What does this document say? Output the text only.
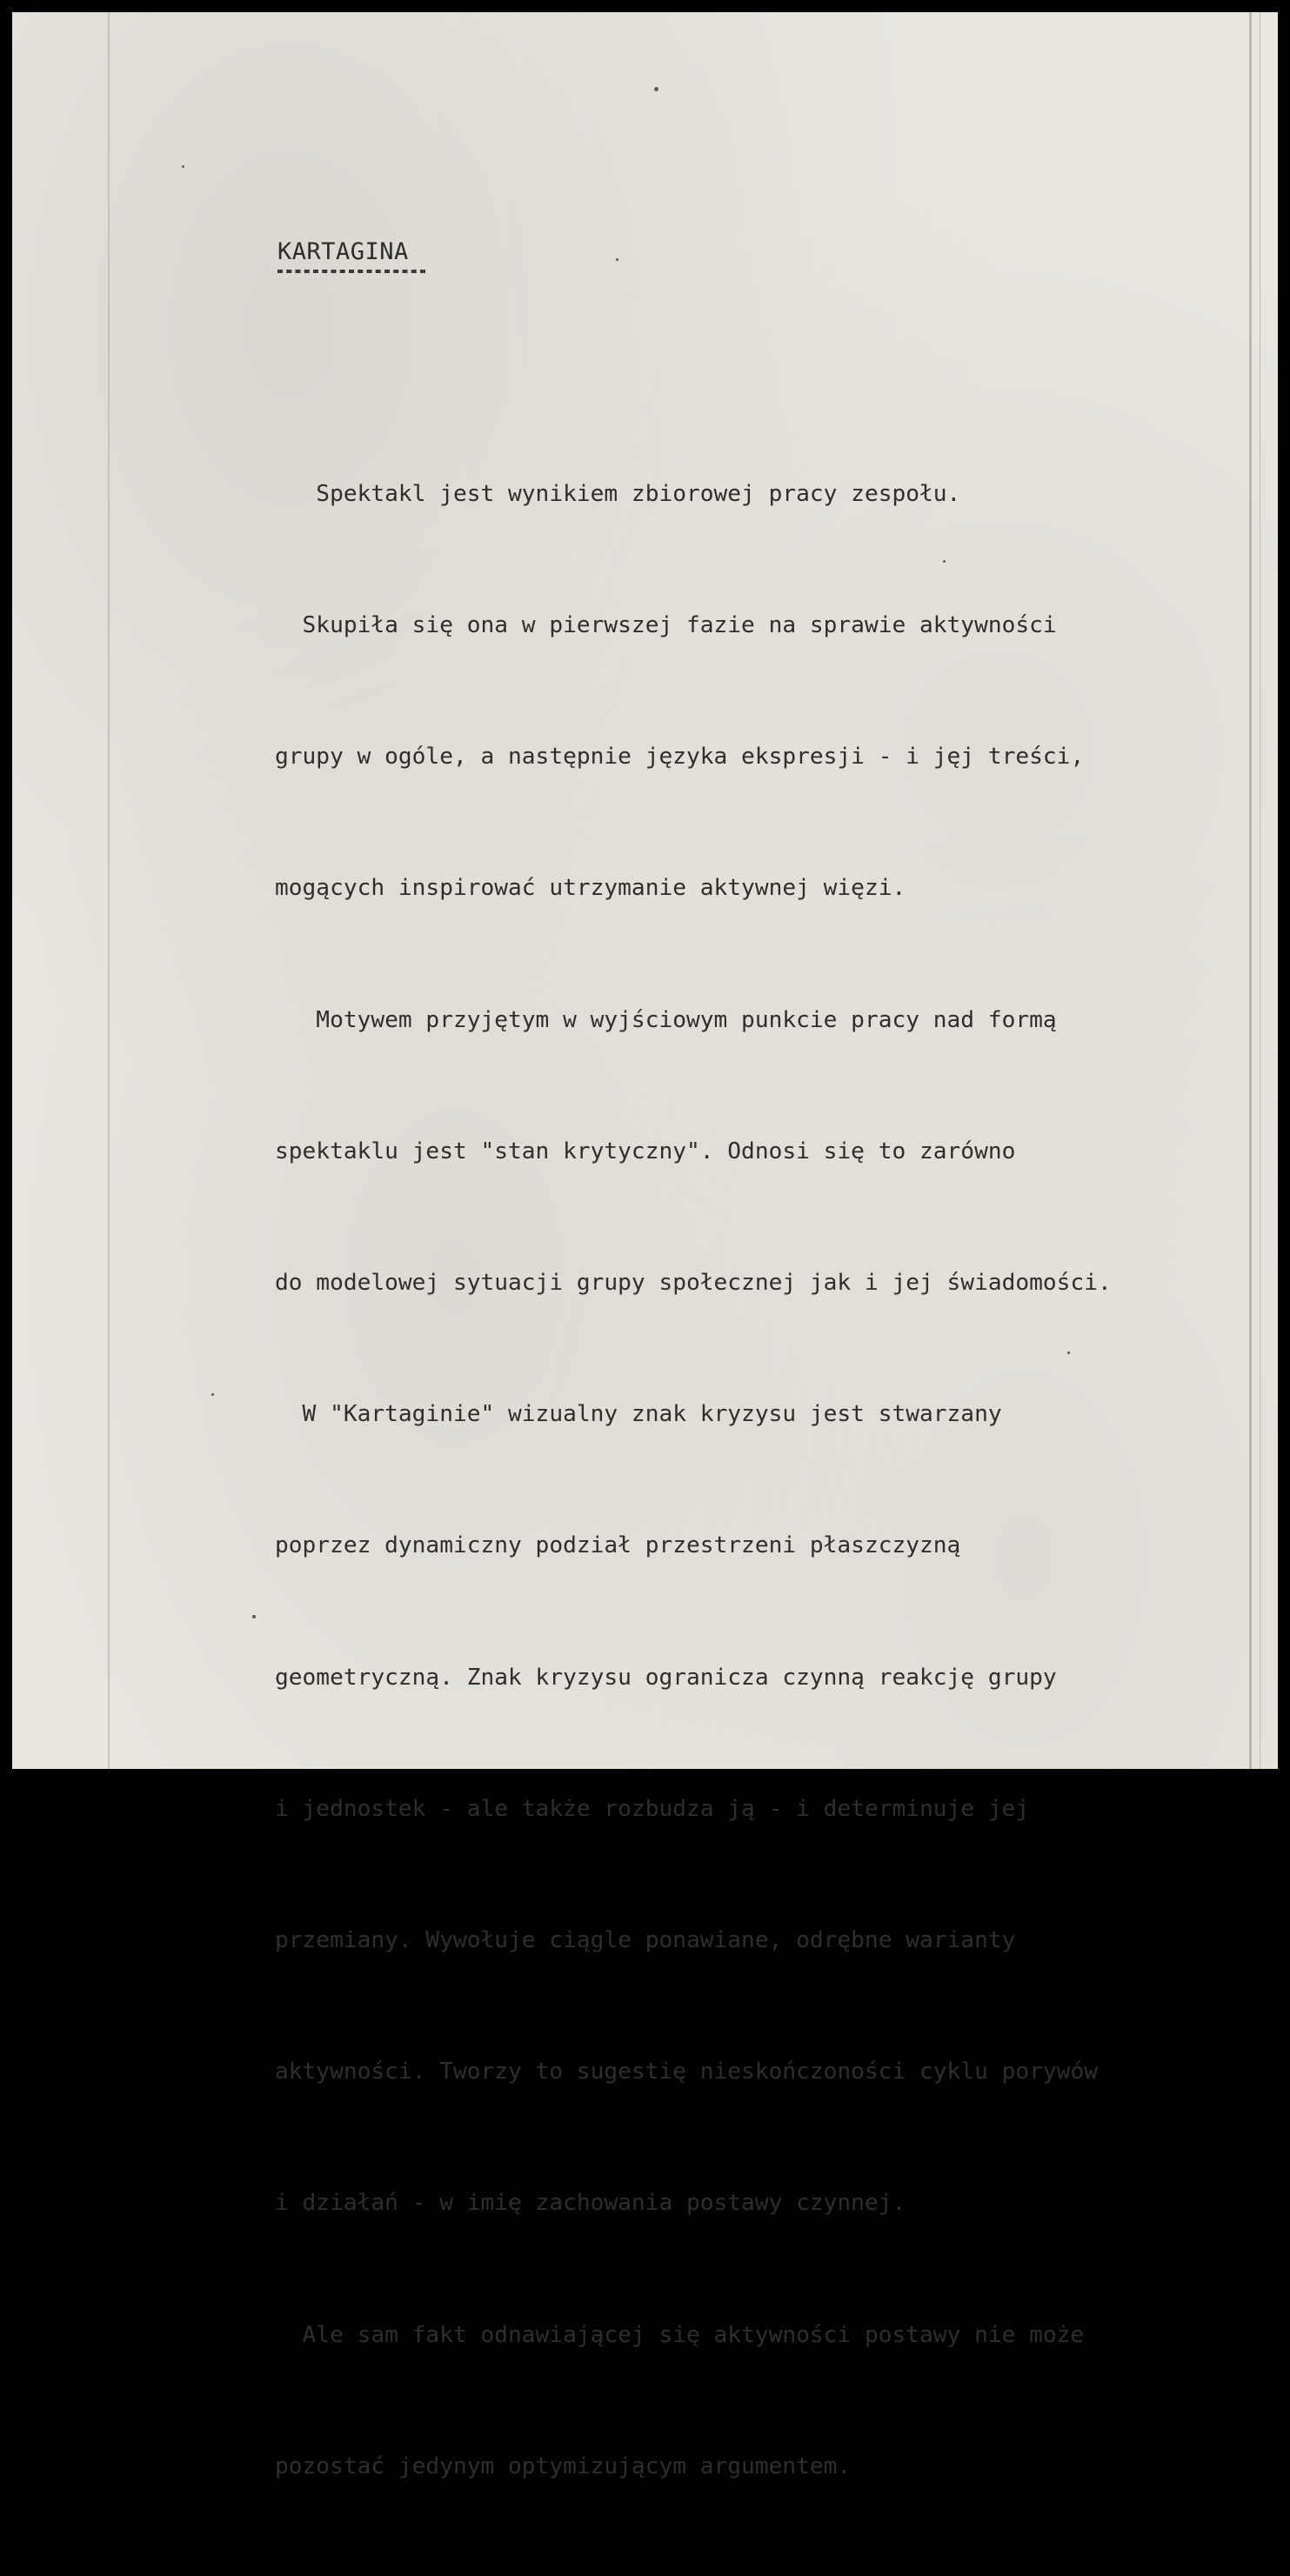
KARTAGINA

Spektakl jest wynikiem zbiorowej pracy zespołu.

Skupiła się ona w pierwszej fazie na sprawie aktywności

grupy w ogóle, a następnie języka ekspresji - i jęj treści,

mogących inspirować utrzymanie aktywnej więzi.

Motywem przyjętym w wyjściowym punkcie pracy nad formą

spektaklu jest "stan krytyczny". Odnosi się to zarówno

do modelowej sytuacji grupy społecznej jak i jej świadomości.

W "Kartaginie" wizualny znak kryzysu jest stwarzany

poprzez dynamiczny podział przestrzeni płaszczyzną

geometryczną. Znak kryzysu ogranicza czynną reakcję grupy

i jednostek - ale także rozbudza ją - i determinuje jej

przemiany. Wywołuje ciągle ponawiane, odrębne warianty

aktywności. Tworzy to sugestię nieskończoności cyklu porywów

i działań - w imię zachowania postawy czynnej.

Ale sam fakt odnawiającej się aktywności postawy nie może

pozostać jedynym optymizującym argumentem.
